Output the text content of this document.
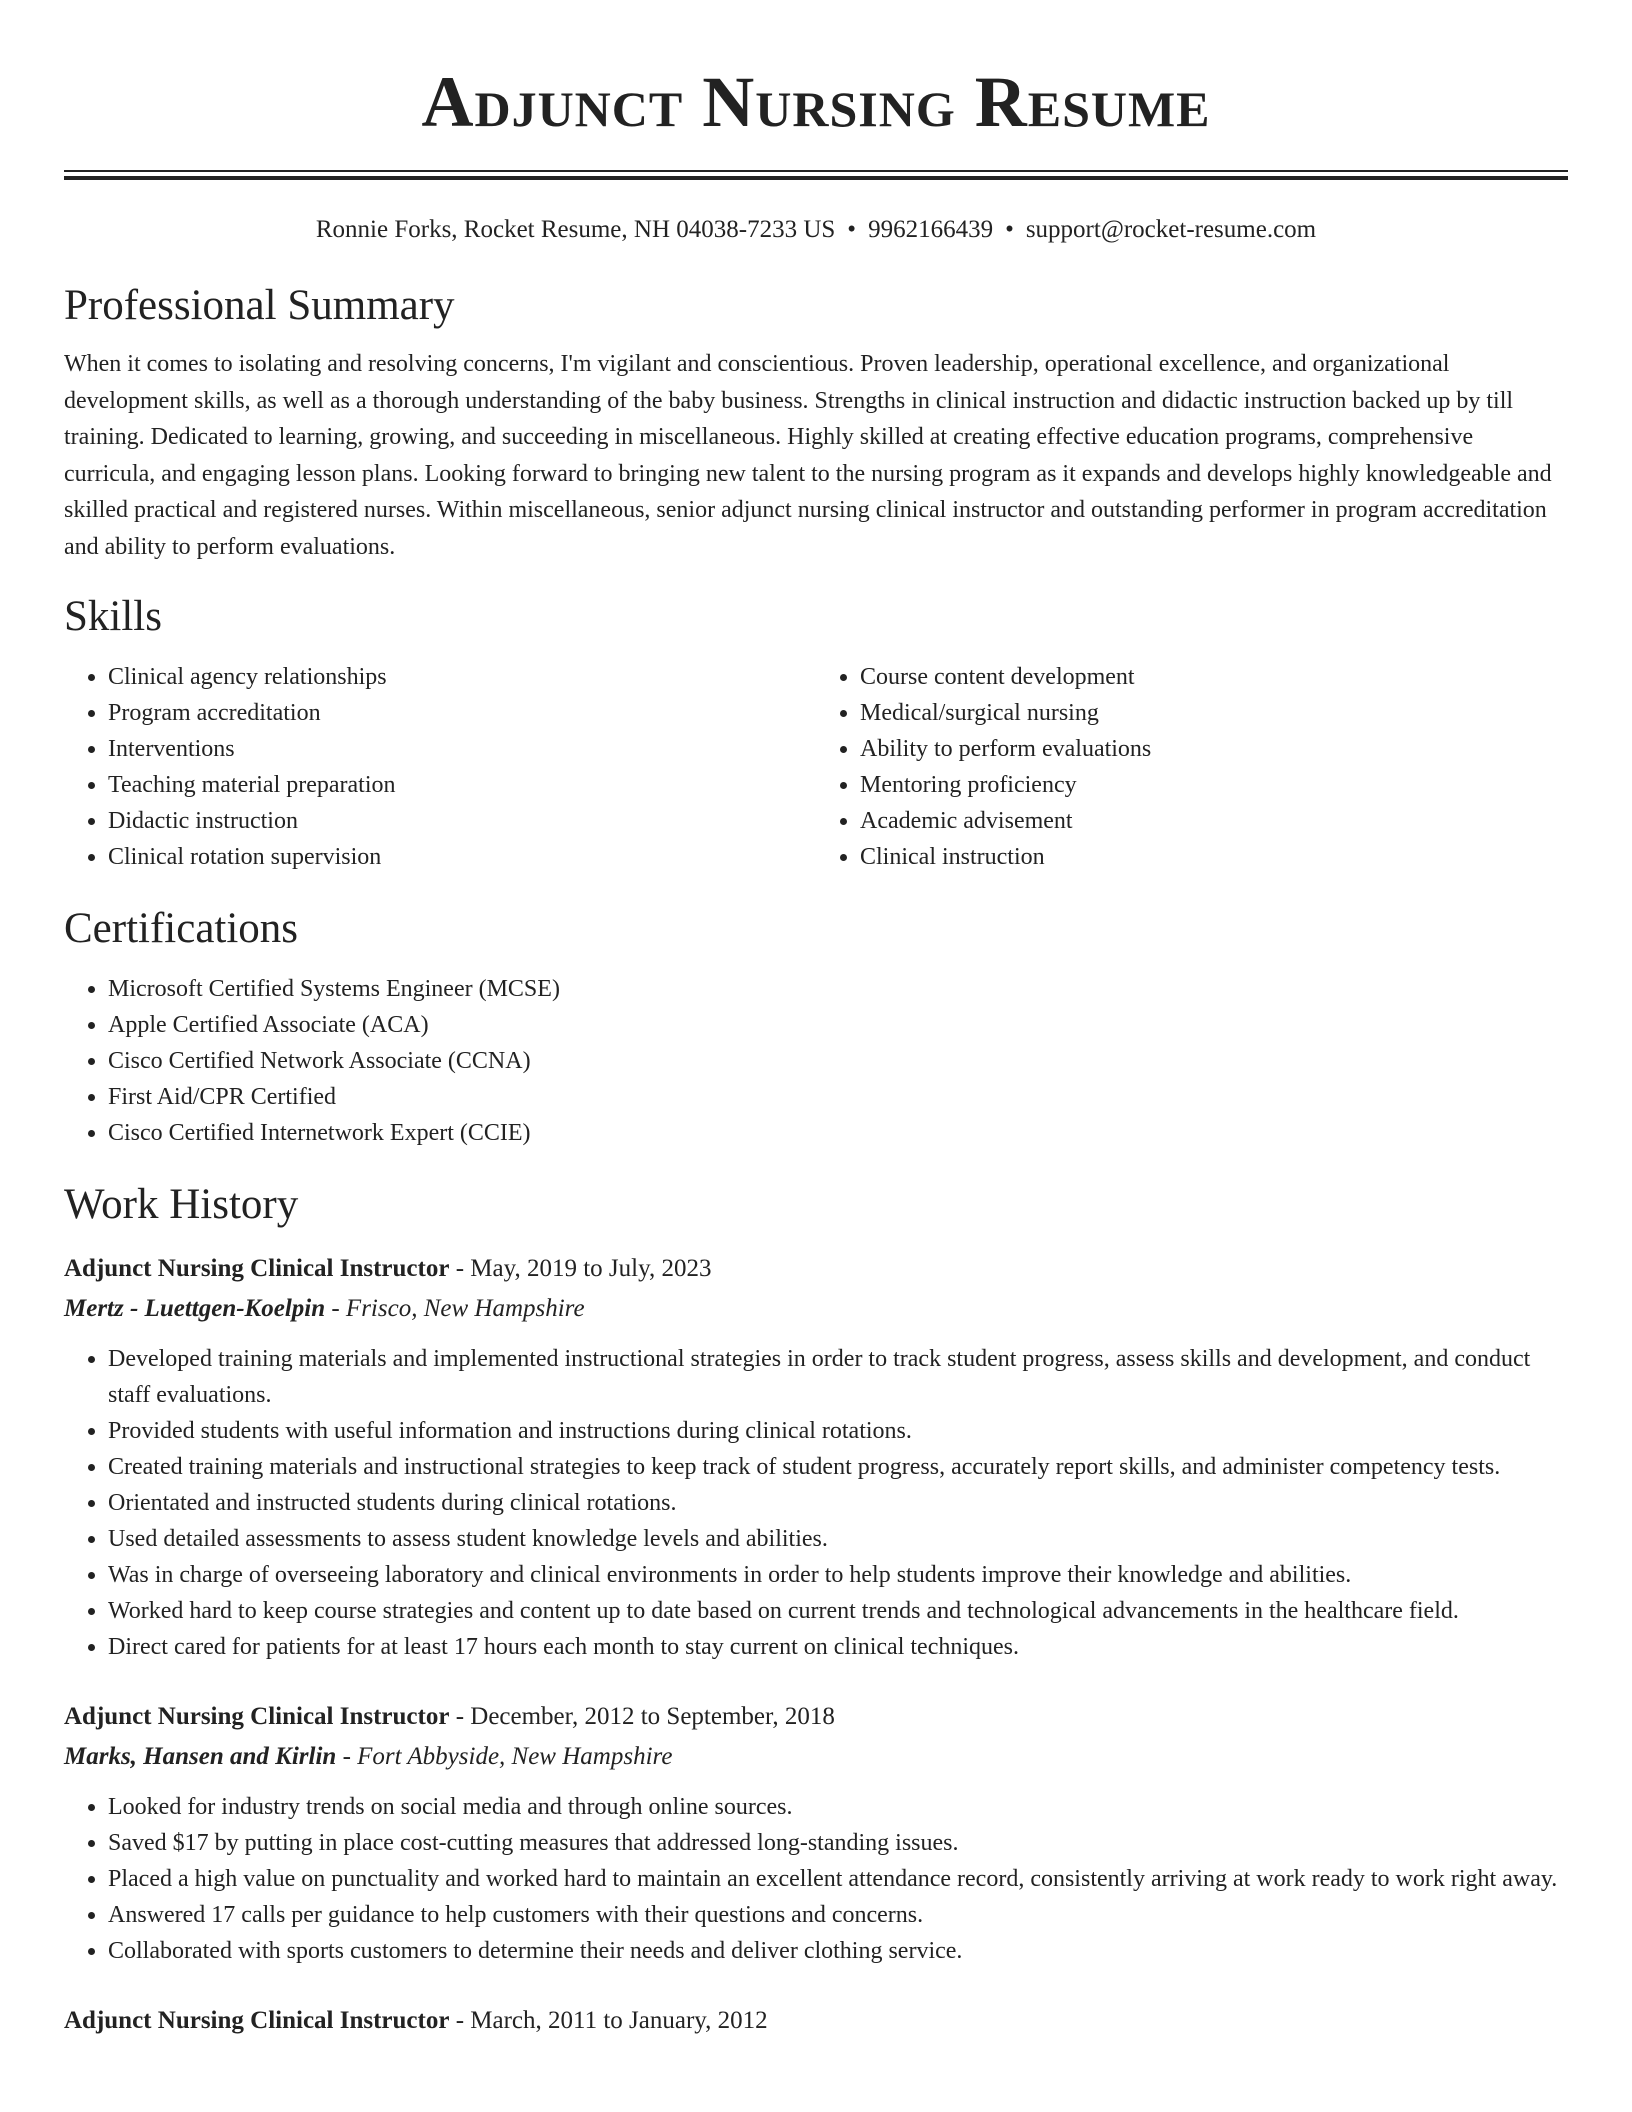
Adjunct Nursing Resume
Ronnie Forks, Rocket Resume, NH 04038-7233 US • 9962166439 • support@rocket-resume.com
Professional Summary
When it comes to isolating and resolving concerns, I'm vigilant and conscientious. Proven leadership, operational excellence, and organizational development skills, as well as a thorough understanding of the baby business. Strengths in clinical instruction and didactic instruction backed up by till training. Dedicated to learning, growing, and succeeding in miscellaneous. Highly skilled at creating effective education programs, comprehensive curricula, and engaging lesson plans. Looking forward to bringing new talent to the nursing program as it expands and develops highly knowledgeable and skilled practical and registered nurses. Within miscellaneous, senior adjunct nursing clinical instructor and outstanding performer in program accreditation and ability to perform evaluations.
Skills
• Clinical agency relationships
• Program accreditation
• Interventions
• Teaching material preparation
• Didactic instruction
• Clinical rotation supervision
• Course content development
• Medical/surgical nursing
• Ability to perform evaluations
• Mentoring proficiency
• Academic advisement
• Clinical instruction
Certifications
• Microsoft Certified Systems Engineer (MCSE)
• Apple Certified Associate (ACA)
• Cisco Certified Network Associate (CCNA)
• First Aid/CPR Certified
• Cisco Certified Internetwork Expert (CCIE)
Work History
Adjunct Nursing Clinical Instructor - May, 2019 to July, 2023
Mertz - Luettgen-Koelpin - Frisco, New Hampshire
• Developed training materials and implemented instructional strategies in order to track student progress, assess skills and development, and conduct staff evaluations.
• Provided students with useful information and instructions during clinical rotations.
• Created training materials and instructional strategies to keep track of student progress, accurately report skills, and administer competency tests.
• Orientated and instructed students during clinical rotations.
• Used detailed assessments to assess student knowledge levels and abilities.
• Was in charge of overseeing laboratory and clinical environments in order to help students improve their knowledge and abilities.
• Worked hard to keep course strategies and content up to date based on current trends and technological advancements in the healthcare field.
• Direct cared for patients for at least 17 hours each month to stay current on clinical techniques.
Adjunct Nursing Clinical Instructor - December, 2012 to September, 2018
Marks, Hansen and Kirlin - Fort Abbyside, New Hampshire
• Looked for industry trends on social media and through online sources.
• Saved $17 by putting in place cost-cutting measures that addressed long-standing issues.
• Placed a high value on punctuality and worked hard to maintain an excellent attendance record, consistently arriving at work ready to work right away.
• Answered 17 calls per guidance to help customers with their questions and concerns.
• Collaborated with sports customers to determine their needs and deliver clothing service.
Adjunct Nursing Clinical Instructor - March, 2011 to January, 2012
